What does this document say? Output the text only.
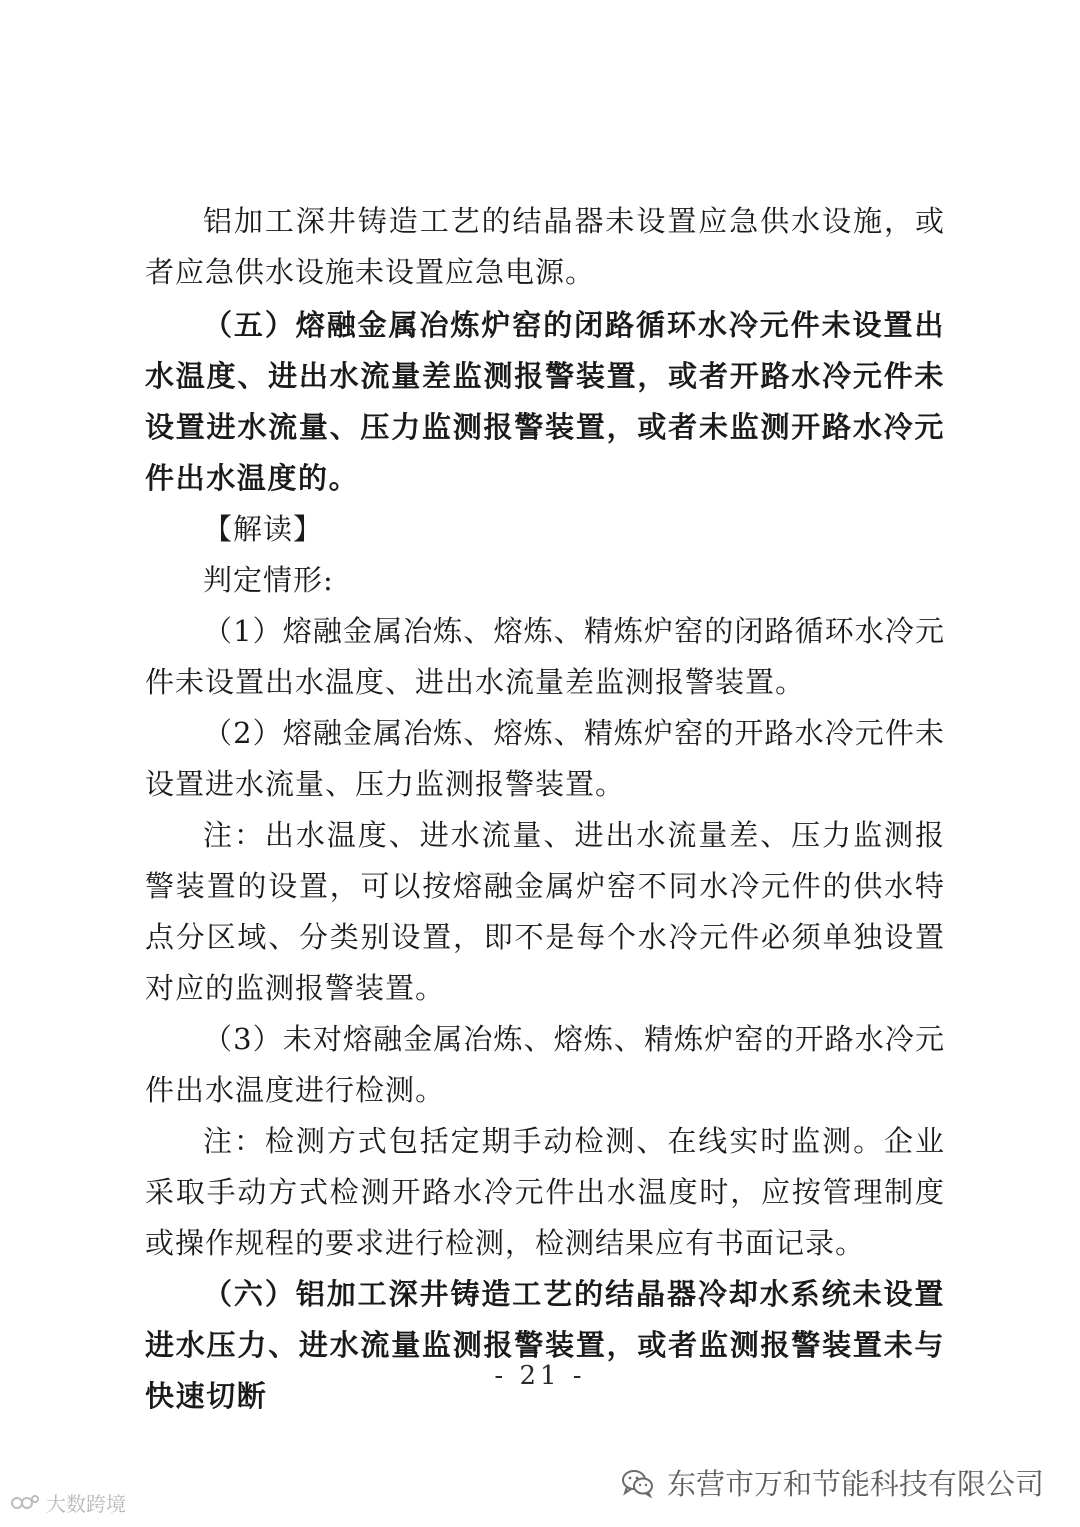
铝加工深井铸造工艺的结晶器未设置应急供水设施，或者应急供水设施未设置应急电源。

（五）熔融金属冶炼炉窑的闭路循环水冷元件未设置出水温度、进出水流量差监测报警装置，或者开路水冷元件未设置进水流量、压力监测报警装置，或者未监测开路水冷元件出水温度的。

【解读】

判定情形:

（1）熔融金属冶炼、熔炼、精炼炉窑的闭路循环水冷元件未设置出水温度、进出水流量差监测报警装置。

（2）熔融金属冶炼、熔炼、精炼炉窑的开路水冷元件未设置进水流量、压力监测报警装置。

注：出水温度、进水流量、进出水流量差、压力监测报警装置的设置，可以按熔融金属炉窑不同水冷元件的供水特点分区域、分类别设置，即不是每个水冷元件必须单独设置对应的监测报警装置。

（3）未对熔融金属冶炼、熔炼、精炼炉窑的开路水冷元件出水温度进行检测。

注：检测方式包括定期手动检测、在线实时监测。企业采取手动方式检测开路水冷元件出水温度时，应按管理制度或操作规程的要求进行检测，检测结果应有书面记录。

（六）铝加工深井铸造工艺的结晶器冷却水系统未设置进水压力、进水流量监测报警装置，或者监测报警装置未与快速切断

- 21 -
大数跨境
东营市万和节能科技有限公司
